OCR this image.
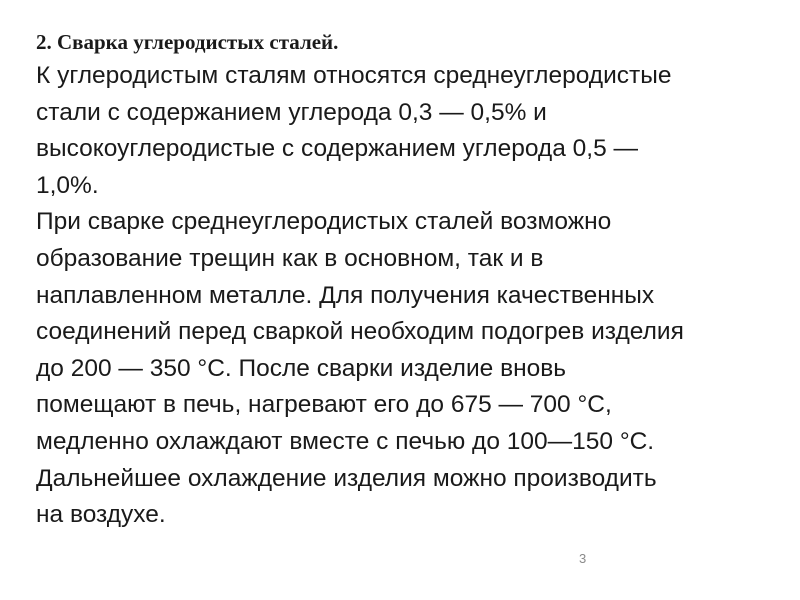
2. Сварка углеродистых сталей.
К углеродистым сталям относятся среднеуглеродистые
стали с содержанием углерода 0,3 — 0,5% и
высокоуглеродистые с содержанием углерода 0,5 —
1,0%.
При сварке среднеуглеродистых сталей возможно
образование трещин как в основном, так и в
наплавленном металле. Для получения качественных
соединений перед сваркой необходим подогрев изделия
до 200 — 350 °С. После сварки изделие вновь
помещают в печь, нагревают его до 675 — 700 °С,
медленно охлаждают вместе с печью до 100—150 °С.
Дальнейшее охлаждение изделия можно производить
на воздухе.
3
